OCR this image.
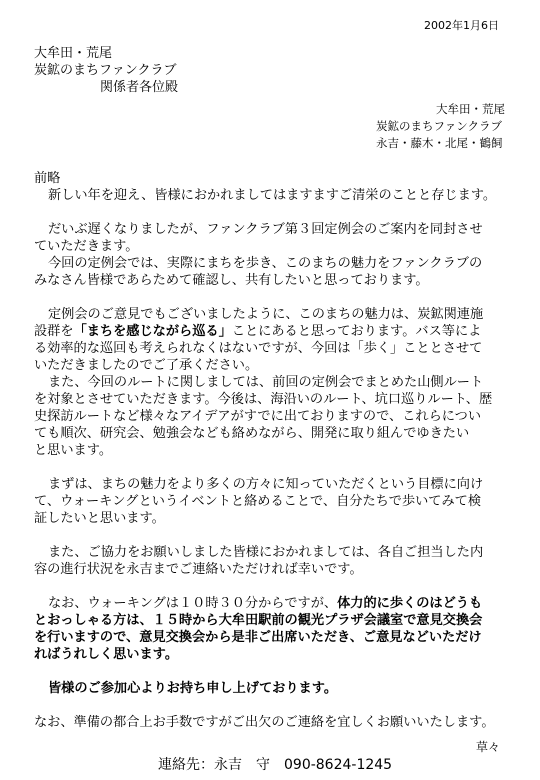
2002年1月6日
大牟田・荒尾
炭鉱のまちファンクラブ
関係者各位殿
大牟田・荒尾
炭鉱のまちファンクラブ
永吉・藤木・北尾・鶴飼
前略
新しい年を迎え、皆様におかれましてはますますご清栄のことと存じます。
だいぶ遅くなりましたが、ファンクラブ第３回定例会のご案内を同封させ
ていただきます。
今回の定例会では、実際にまちを歩き、このまちの魅力をファンクラブの
みなさん皆様であらためて確認し、共有したいと思っております。
定例会のご意見でもございましたように、このまちの魅力は、炭鉱関連施
設群を「まちを感じながら巡る」ことにあると思っております。バス等によ
る効率的な巡回も考えられなくはないですが、今回は「歩く」こととさせて
いただきましたのでご了承ください。
また、今回のルートに関しましては、前回の定例会でまとめた山側ルート
を対象とさせていただきます。今後は、海沿いのルート、坑口巡りルート、歴
史探訪ルートなど様々なアイデアがすでに出ておりますので、これらについ
ても順次、研究会、勉強会なども絡めながら、開発に取り組んでゆきたい
と思います。
まずは、まちの魅力をより多くの方々に知っていただくという目標に向け
て、ウォーキングというイベントと絡めることで、自分たちで歩いてみて検
証したいと思います。
また、ご協力をお願いしました皆様におかれましては、各自ご担当した内
容の進行状況を永吉までご連絡いただければ幸いです。
なお、ウォーキングは１０時３０分からですが、体力的に歩くのはどうも
とおっしゃる方は、１５時から大牟田駅前の観光プラザ会議室で意見交換会
を行いますので、意見交換会から是非ご出席いただき、ご意見などいただけ
ればうれしく思います。
皆様のご参加心よりお持ち申し上げております。
なお、準備の都合上お手数ですがご出欠のご連絡を宜しくお願いいたします。
草々
連絡先：永吉　守　090-8624-1245
